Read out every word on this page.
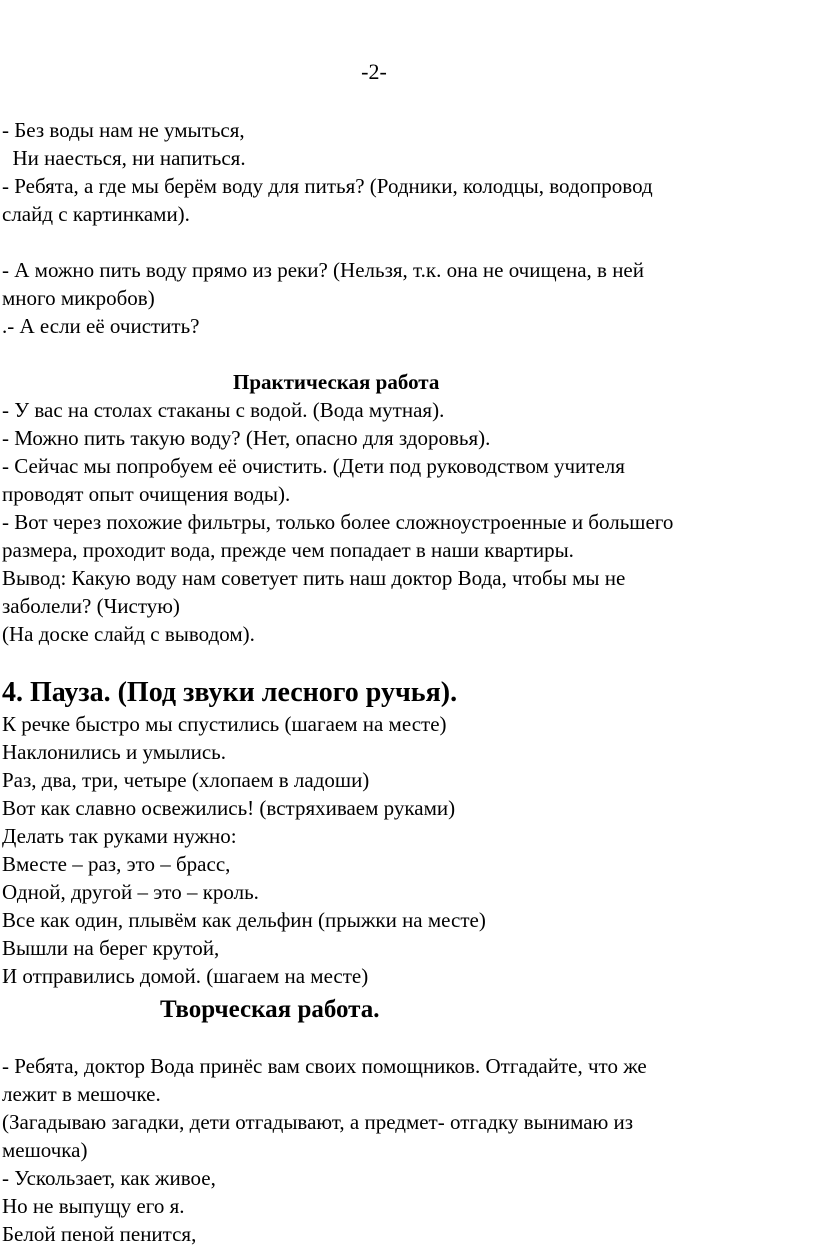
-2-
- Без воды нам не умыться,
Ни наесться, ни напиться.
- Ребята, а где мы берём воду для питья? (Родники, колодцы, водопровод
слайд с картинками).
- А можно пить воду прямо из реки? (Нельзя, т.к. она не очищена, в ней
много микробов)
.- А если её очистить?
Практическая работа
- У вас на столах стаканы с водой. (Вода мутная).
- Можно пить такую воду? (Нет, опасно для здоровья).
- Сейчас мы попробуем её очистить. (Дети под руководством учителя
проводят опыт очищения воды).
- Вот через похожие фильтры, только более сложноустроенные и большего
размера, проходит вода, прежде чем попадает в наши квартиры.
Вывод: Какую воду нам советует пить наш доктор Вода, чтобы мы не
заболели? (Чистую)
(На доске слайд с выводом).
4. Пауза. (Под звуки лесного ручья).
К речке быстро мы спустились (шагаем на месте)
Наклонились и умылись.
Раз, два, три, четыре (хлопаем в ладоши)
Вот как славно освежились! (встряхиваем руками)
Делать так руками нужно:
Вместе – раз, это – брасс,
Одной, другой – это – кроль.
Все как один, плывём как дельфин (прыжки на месте)
Вышли на берег крутой,
И отправились домой. (шагаем на месте)
Творческая работа.
- Ребята, доктор Вода принёс вам своих помощников. Отгадайте, что же
лежит в мешочке.
(Загадываю загадки, дети отгадывают, а предмет- отгадку вынимаю из
мешочка)
- Ускользает, как живое,
Но не выпущу его я.
Белой пеной пенится,
